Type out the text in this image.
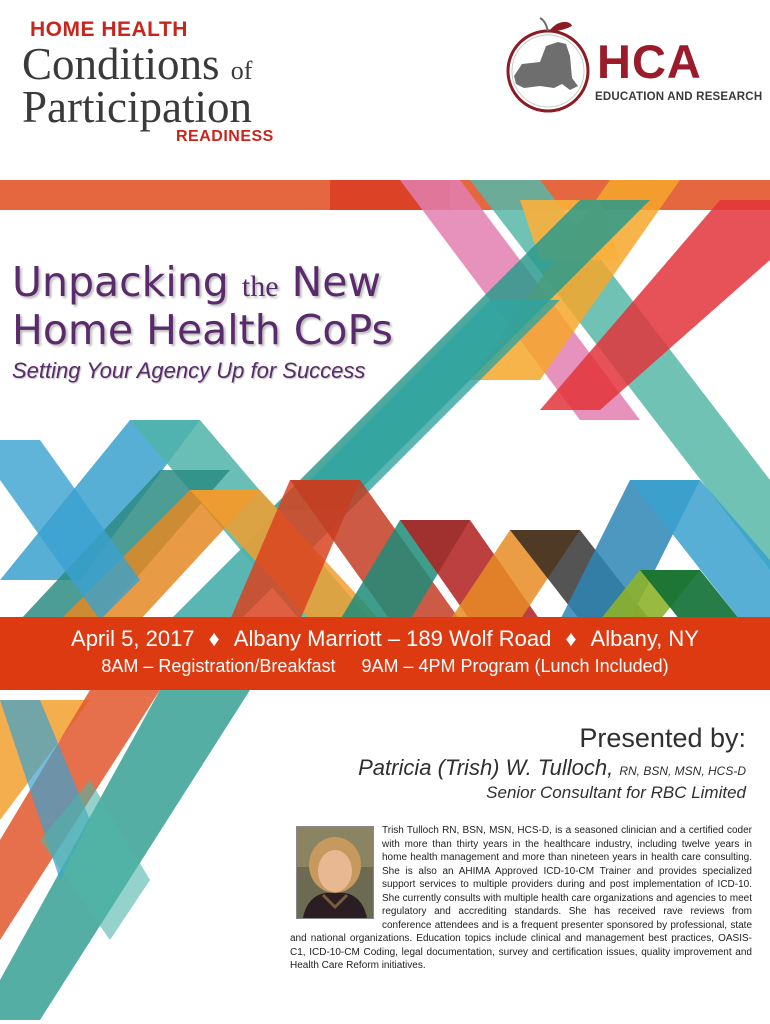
HOME HEALTH
Conditions of
Participation
READINESS
HCA
EDUCATION AND RESEARCH
Unpacking the New
Home Health CoPs
Setting Your Agency Up for Success
April 5, 2017 ♦ Albany Marriott – 189 Wolf Road ♦ Albany, NY
8AM – Registration/Breakfast 9AM – 4PM Program (Lunch Included)
Presented by:
Patricia (Trish) W. Tulloch, RN, BSN, MSN, HCS-D
Senior Consultant for RBC Limited
Trish Tulloch RN, BSN, MSN, HCS-D, is a seasoned clinician and a certified coder with more than thirty years in the healthcare industry, including twelve years in home health management and more than nineteen years in health care consulting. She is also an AHIMA Approved ICD-10-CM Trainer and provides specialized support services to multiple providers during and post implementation of ICD-10. She currently consults with multiple health care organizations and agencies to meet regulatory and accrediting standards. She has received rave reviews from conference attendees and is a frequent presenter sponsored by professional, state and national organizations. Education topics include clinical and management best practices, OASIS-C1, ICD-10-CM Coding, legal documentation, survey and certification issues, quality improvement and Health Care Reform initiatives.
